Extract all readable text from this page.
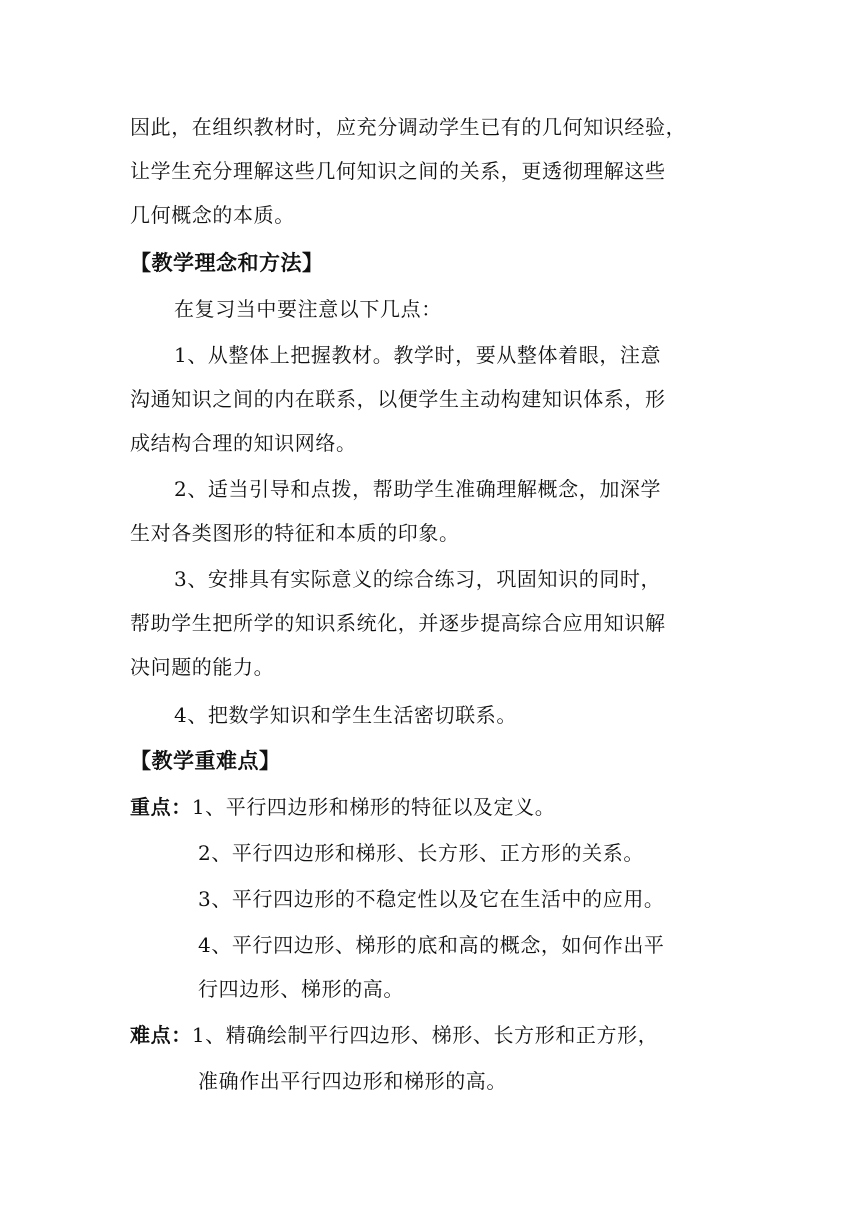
因此，在组织教材时，应充分调动学生已有的几何知识经验，
让学生充分理解这些几何知识之间的关系，更透彻理解这些
几何概念的本质。
【教学理念和方法】
在复习当中要注意以下几点：
1、从整体上把握教材。教学时，要从整体着眼，注意
沟通知识之间的内在联系，以便学生主动构建知识体系，形
成结构合理的知识网络。
2、适当引导和点拨，帮助学生准确理解概念，加深学
生对各类图形的特征和本质的印象。
3、安排具有实际意义的综合练习，巩固知识的同时，
帮助学生把所学的知识系统化，并逐步提高综合应用知识解
决问题的能力。
4、把数学知识和学生生活密切联系。
【教学重难点】
重点：1、平行四边形和梯形的特征以及定义。
2、平行四边形和梯形、长方形、正方形的关系。
3、平行四边形的不稳定性以及它在生活中的应用。
4、平行四边形、梯形的底和高的概念，如何作出平
行四边形、梯形的高。
难点：1、精确绘制平行四边形、梯形、长方形和正方形，
准确作出平行四边形和梯形的高。
